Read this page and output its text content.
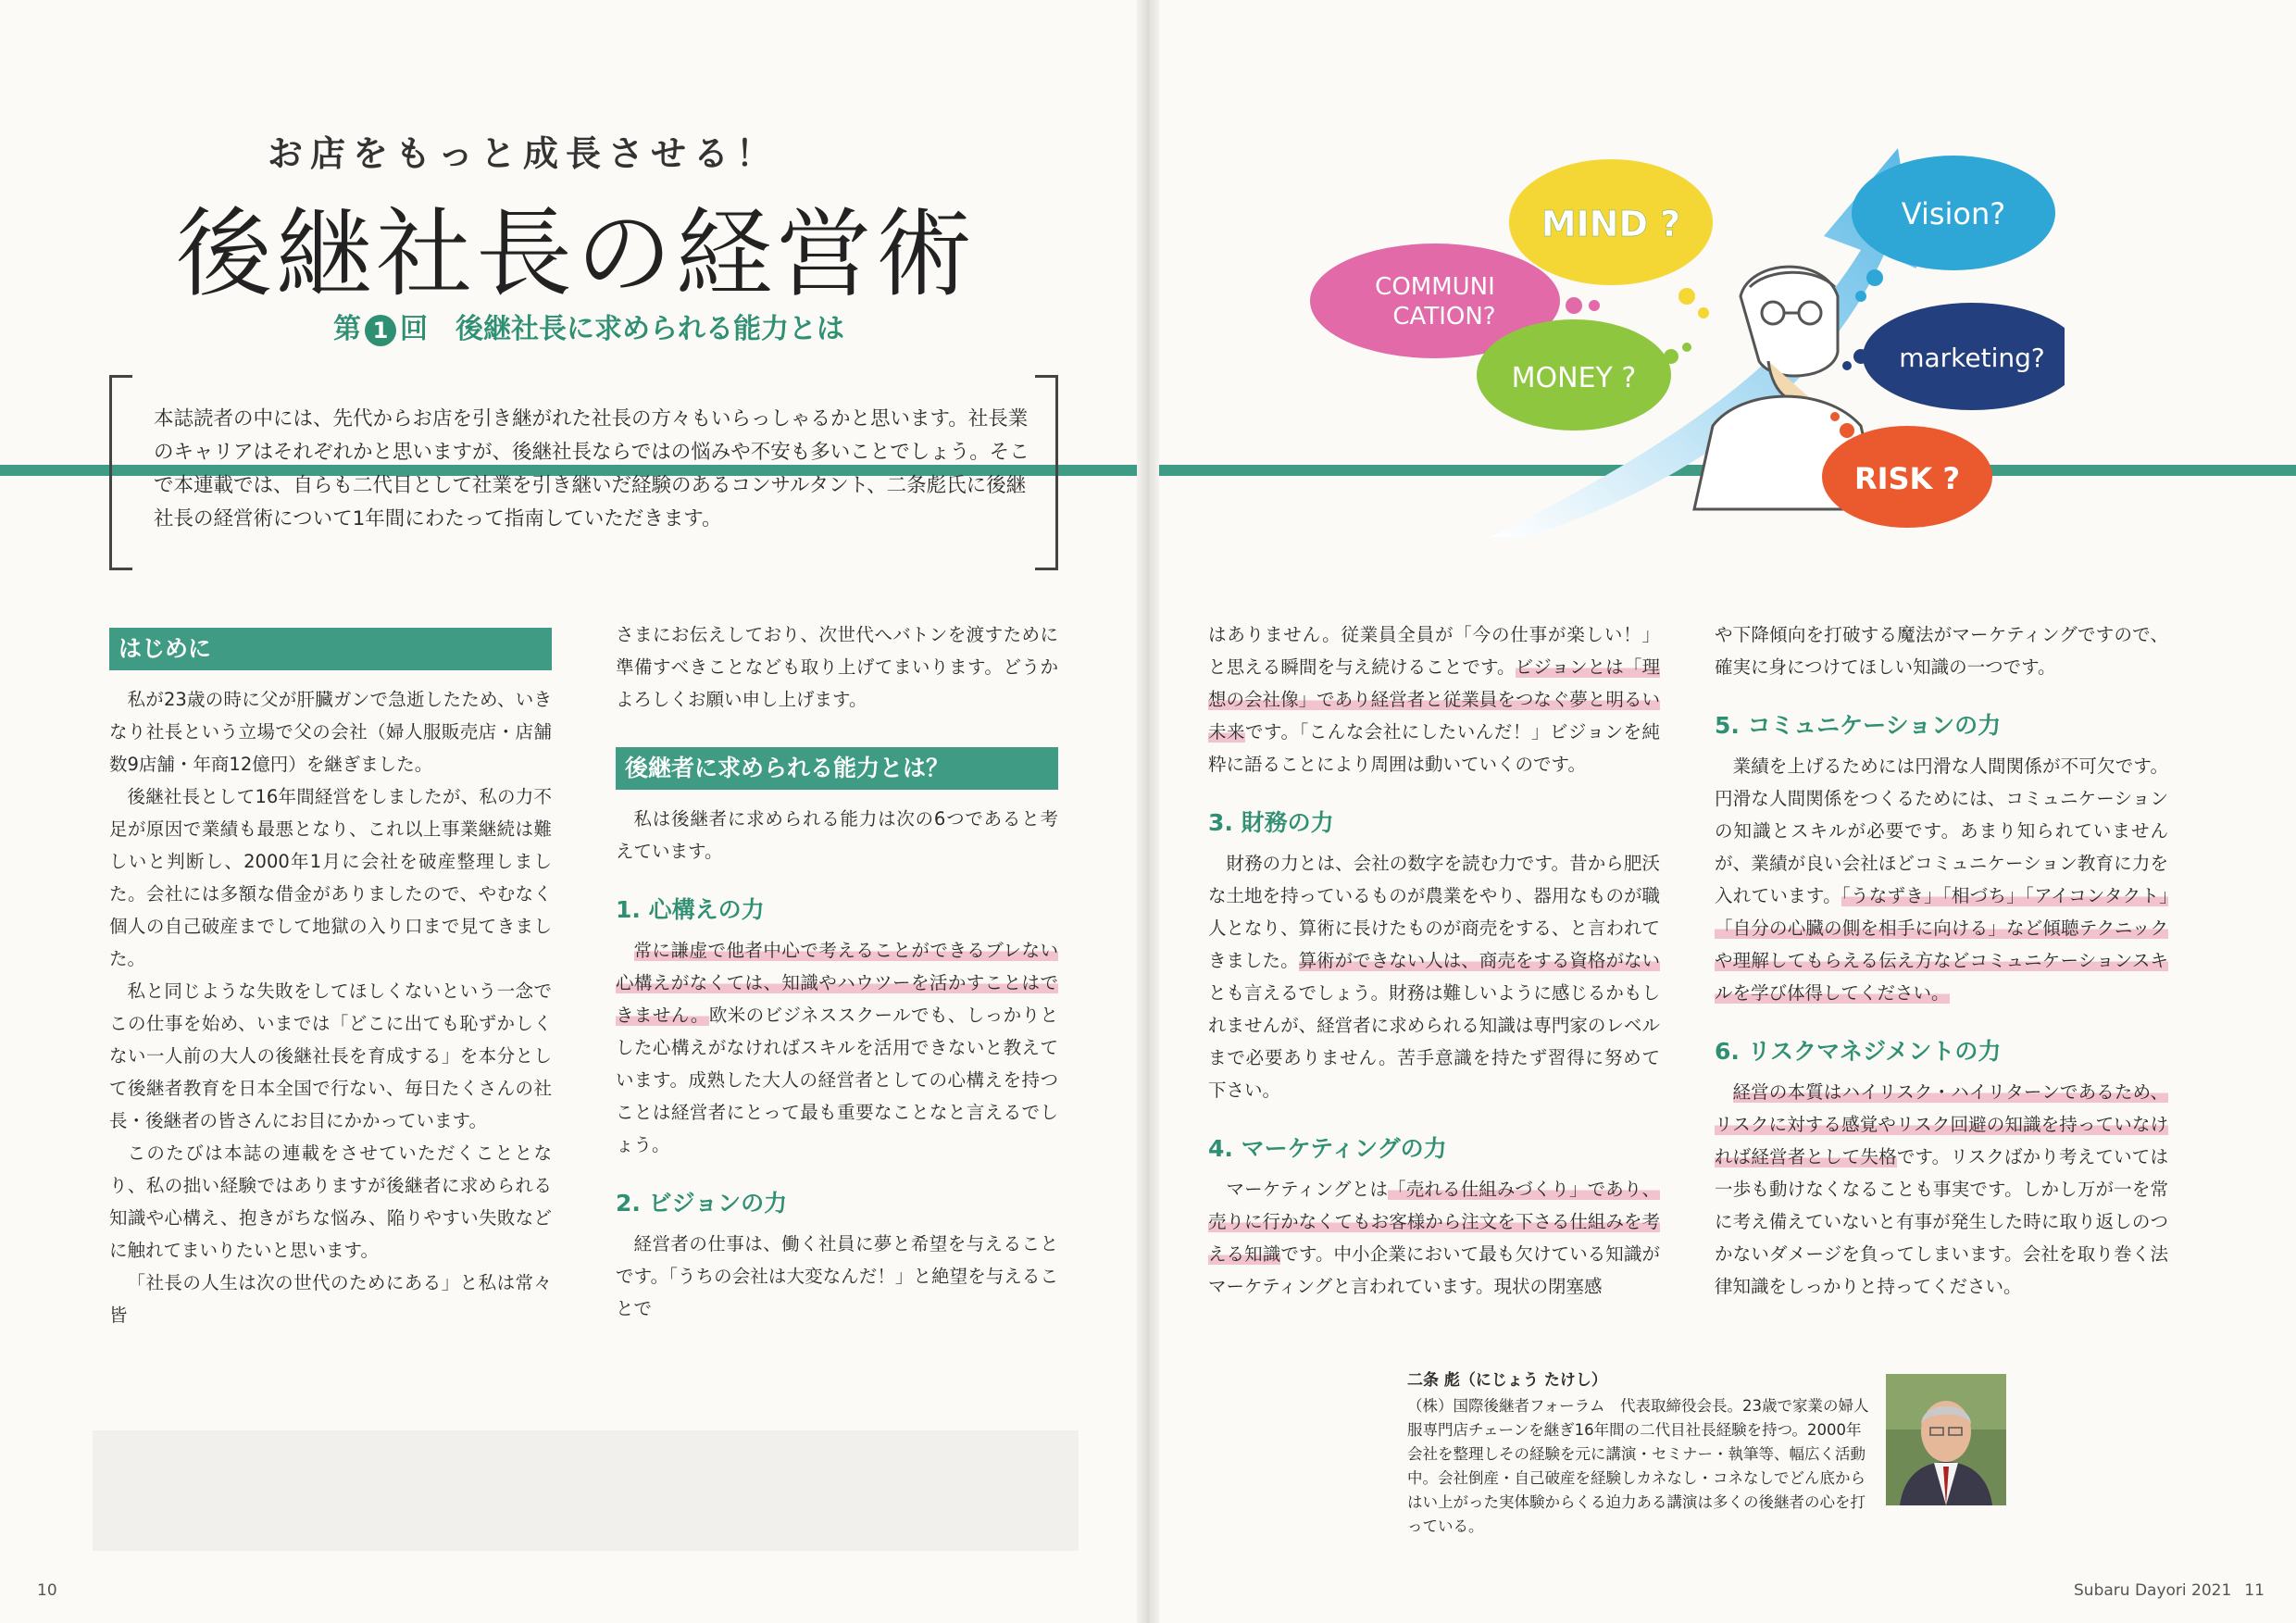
お店をもっと成長させる！
後継社長の経営術
第 1 回 後継社長に求められる能力とは

本誌読者の中には、先代からお店を引き継がれた社長の方々もいらっしゃるかと思います。社長業のキャリアはそれぞれかと思いますが、後継社長ならではの悩みや不安も多いことでしょう。そこで本連載では、自らも二代目として社業を引き継いだ経験のあるコンサルタント、二条彪氏に後継社長の経営術について1年間にわたって指南していただきます。

はじめに

私が23歳の時に父が肝臓ガンで急逝したため、いきなり社長という立場で父の会社（婦人服販売店・店舗数9店舗・年商12億円）を継ぎました。

後継社長として16年間経営をしましたが、私の力不足が原因で業績も最悪となり、これ以上事業継続は難しいと判断し、2000年1月に会社を破産整理しました。会社には多額な借金がありましたので、やむなく個人の自己破産までして地獄の入り口まで見てきました。

私と同じような失敗をしてほしくないという一念でこの仕事を始め、いまでは「どこに出ても恥ずかしくない一人前の大人の後継社長を育成する」を本分として後継者教育を日本全国で行ない、毎日たくさんの社長・後継者の皆さんにお目にかかっています。

このたびは本誌の連載をさせていただくこととなり、私の拙い経験ではありますが後継者に求められる知識や心構え、抱きがちな悩み、陥りやすい失敗などに触れてまいりたいと思います。

「社長の人生は次の世代のためにある」と私は常々皆

さまにお伝えしており、次世代へバトンを渡すために準備すべきことなども取り上げてまいります。どうかよろしくお願い申し上げます。

後継者に求められる能力とは？

私は後継者に求められる能力は次の6つであると考えています。

1. 心構えの力

常に謙虚で他者中心で考えることができるブレない心構えがなくては、知識やハウツーを活かすことはできません。欧米のビジネススクールでも、しっかりとした心構えがなければスキルを活用できないと教えています。成熟した大人の経営者としての心構えを持つことは経営者にとって最も重要なことなと言えるでしょう。

2. ビジョンの力

経営者の仕事は、働く社員に夢と希望を与えることです。「うちの会社は大変なんだ！」と絶望を与えることで

MIND ?	Vision?
COMMUNI
CATION?
MONEY ?
marketing?
RISK ?

はありません。従業員全員が「今の仕事が楽しい！」と思える瞬間を与え続けることです。ビジョンとは「理想の会社像」であり経営者と従業員をつなぐ夢と明るい未来です。「こんな会社にしたいんだ！」ビジョンを純粋に語ることにより周囲は動いていくのです。

3. 財務の力

財務の力とは、会社の数字を読む力です。昔から肥沃な土地を持っているものが農業をやり、器用なものが職人となり、算術に長けたものが商売をする、と言われてきました。算術ができない人は、商売をする資格がないとも言えるでしょう。財務は難しいように感じるかもしれませんが、経営者に求められる知識は専門家のレベルまで必要ありません。苦手意識を持たず習得に努めて下さい。

4. マーケティングの力

マーケティングとは「売れる仕組みづくり」であり、売りに行かなくてもお客様から注文を下さる仕組みを考える知識です。中小企業において最も欠けている知識がマーケティングと言われています。現状の閉塞感

や下降傾向を打破する魔法がマーケティングですので、確実に身につけてほしい知識の一つです。

5. コミュニケーションの力

業績を上げるためには円滑な人間関係が不可欠です。円滑な人間関係をつくるためには、コミュニケーションの知識とスキルが必要です。あまり知られていませんが、業績が良い会社ほどコミュニケーション教育に力を入れています。「うなずき」「相づち」「アイコンタクト」「自分の心臓の側を相手に向ける」など傾聴テクニックや理解してもらえる伝え方などコミュニケーションスキルを学び体得してください。

6. リスクマネジメントの力

経営の本質はハイリスク・ハイリターンであるため、リスクに対する感覚やリスク回避の知識を持っていなければ経営者として失格です。リスクばかり考えていては一歩も動けなくなることも事実です。しかし万が一を常に考え備えていないと有事が発生した時に取り返しのつかないダメージを負ってしまいます。会社を取り巻く法律知識をしっかりと持ってください。

二条 彪（にじょう たけし）

（株）国際後継者フォーラム　代表取締役会長。23歳で家業の婦人服専門店チェーンを継ぎ16年間の二代目社長経験を持つ。2000年会社を整理しその経験を元に講演・セミナー・執筆等、幅広く活動中。会社倒産・自己破産を経験しカネなし・コネなしでどん底からはい上がった実体験からくる迫力ある講演は多くの後継者の心を打っている。

10	Subaru Dayori 2021 11
